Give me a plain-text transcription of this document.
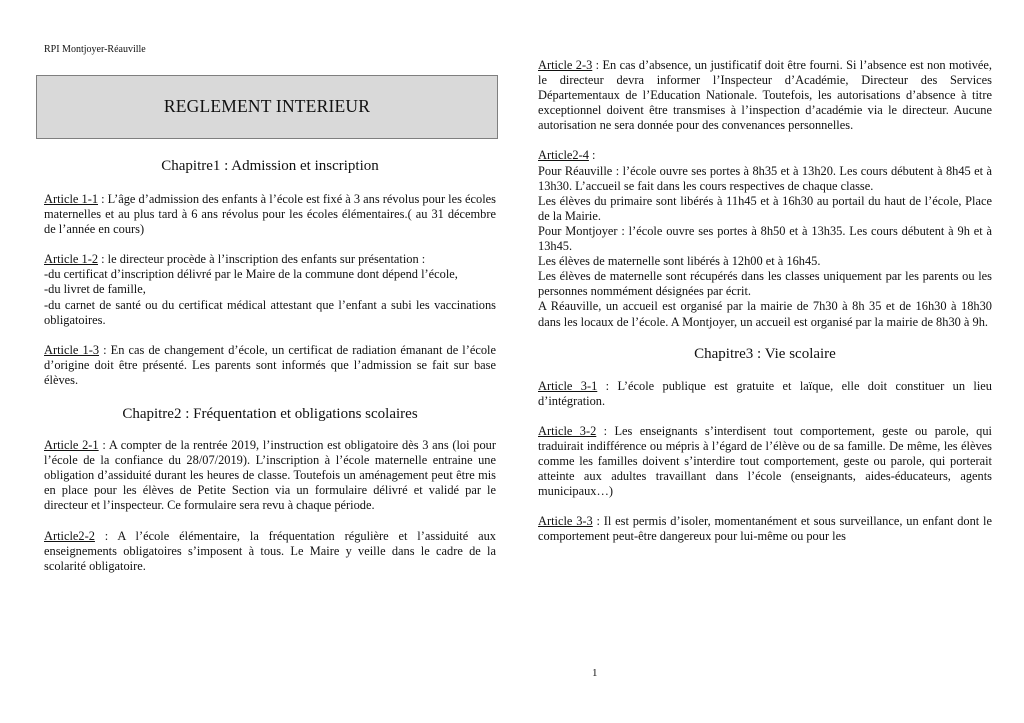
RPI Montjoyer-Réauville
REGLEMENT INTERIEUR
Chapitre1 : Admission et inscription
Article 1-1 : L’âge d’admission des enfants à l’école est fixé à 3 ans révolus pour les écoles maternelles et au plus tard à 6 ans révolus pour les écoles élémentaires.( au 31 décembre de l’année en cours)
Article 1-2 : le directeur procède à l’inscription des enfants sur présentation :
-du certificat d’inscription délivré par le Maire de la commune dont dépend l’école,
-du livret de famille,
-du carnet de santé ou du certificat médical attestant que l’enfant a subi les vaccinations obligatoires.
Article 1-3 : En cas de changement d’école, un certificat de radiation émanant de l’école d’origine doit être présenté. Les parents sont informés que l’admission se fait sur base élèves.
Chapitre2 : Fréquentation et obligations scolaires
Article 2-1 : A compter de la rentrée 2019, l’instruction est obligatoire dès 3 ans (loi pour l’école de la confiance du 28/07/2019). L’inscription à l’école maternelle entraine une obligation d’assiduité durant les heures de classe. Toutefois un aménagement peut être mis en place pour les élèves de Petite Section via un formulaire délivré et validé par le directeur et l’inspecteur. Ce formulaire sera revu à chaque période.
Article2-2 : A l’école élémentaire, la fréquentation régulière et l’assiduité aux enseignements obligatoires s’imposent à tous. Le Maire y veille dans le cadre de la scolarité obligatoire.
Article 2-3 : En cas d’absence, un justificatif doit être fourni. Si l’absence est non motivée, le directeur devra informer l’Inspecteur d’Académie, Directeur des Services Départementaux de l’Education Nationale. Toutefois, les autorisations d’absence à titre exceptionnel doivent être transmises à l’inspection d’académie via le directeur. Aucune autorisation ne sera donnée pour des convenances personnelles.
Article2-4 :
Pour Réauville : l’école ouvre ses portes à 8h35 et à 13h20. Les cours débutent à 8h45 et à 13h30. L’accueil se fait dans les cours respectives de chaque classe.
Les élèves du primaire sont libérés à 11h45 et à 16h30 au portail du haut de l’école, Place de la Mairie.
Pour Montjoyer : l’école ouvre ses portes à 8h50 et à 13h35. Les cours débutent à 9h et à 13h45.
Les élèves de maternelle sont libérés à 12h00 et à 16h45.
Les élèves de maternelle sont récupérés dans les classes uniquement par les parents ou les personnes nommément désignées par écrit.
A Réauville, un accueil est organisé par la mairie de 7h30 à 8h 35 et de 16h30 à 18h30 dans les locaux de l’école. A Montjoyer, un accueil est organisé par la mairie de 8h30 à 9h.
Chapitre3 : Vie scolaire
Article 3-1 : L’école publique est gratuite et laïque, elle doit constituer un lieu d’intégration.
Article 3-2 : Les enseignants s’interdisent tout comportement, geste ou parole, qui traduirait indifférence ou mépris à l’égard de l’élève ou de sa famille. De même, les élèves comme les familles doivent s’interdire tout comportement, geste ou parole, qui porterait atteinte aux adultes travaillant dans l’école (enseignants, aides-éducateurs, agents municipaux…)
Article 3-3 : Il est permis d’isoler, momentanément et sous surveillance, un enfant dont le comportement peut-être dangereux pour lui-même ou pour les
1
